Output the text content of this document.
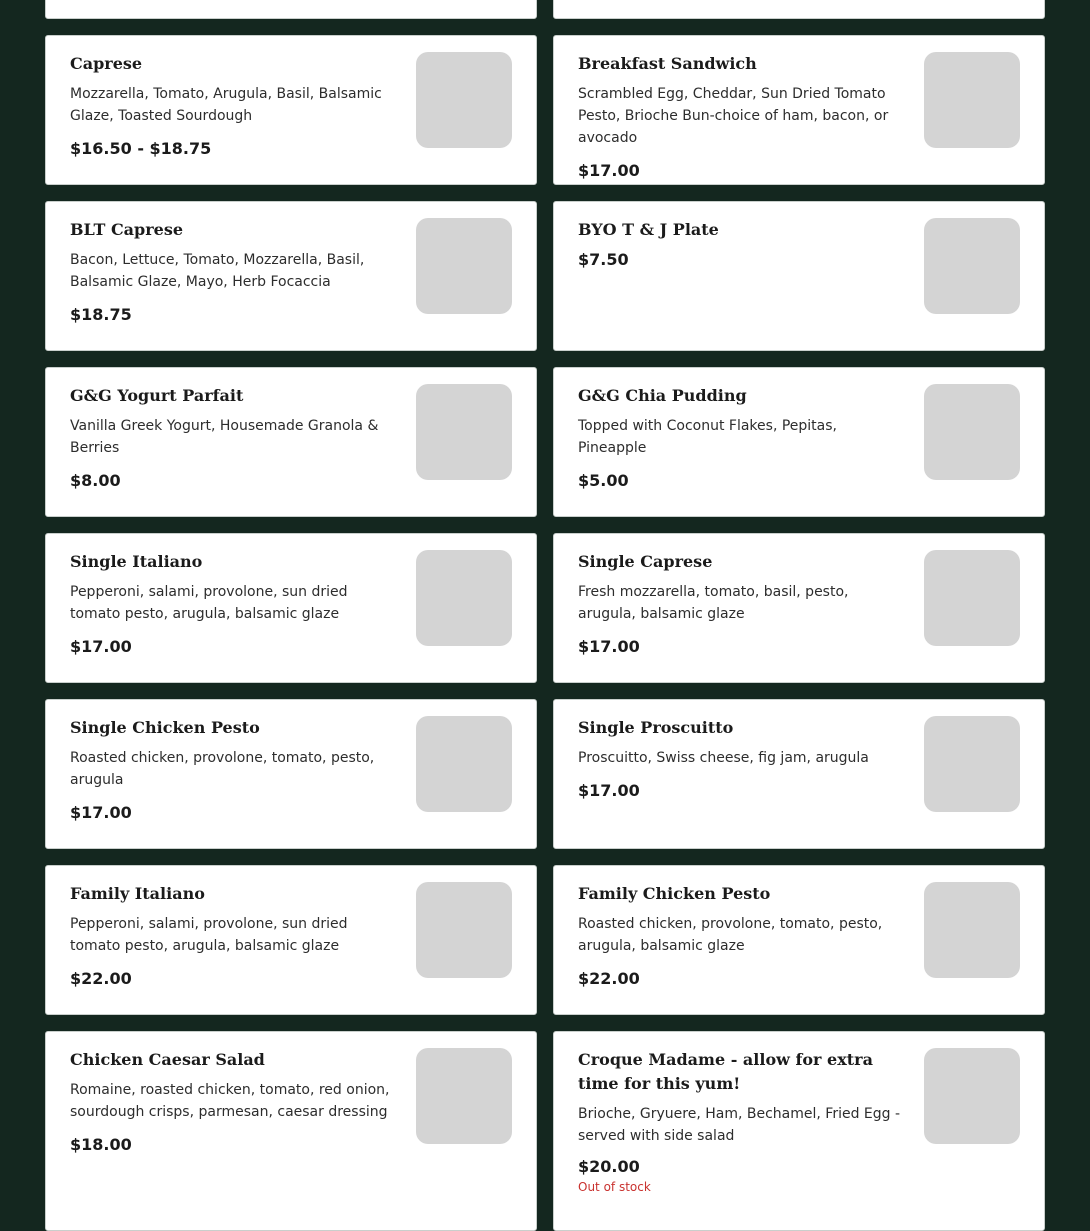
Caprese
Mozzarella, Tomato, Arugula, Basil, Balsamic Glaze, Toasted Sourdough
$16.50 - $18.75
Breakfast Sandwich
Scrambled Egg, Cheddar, Sun Dried Tomato Pesto, Brioche Bun-choice of ham, bacon, or avocado
$17.00
BLT Caprese
Bacon, Lettuce, Tomato, Mozzarella, Basil, Balsamic Glaze, Mayo, Herb Focaccia
$18.75
BYO T & J Plate
$7.50
G&G Yogurt Parfait
Vanilla Greek Yogurt, Housemade Granola & Berries
$8.00
G&G Chia Pudding
Topped with Coconut Flakes, Pepitas, Pineapple
$5.00
Single Italiano
Pepperoni, salami, provolone, sun dried tomato pesto, arugula, balsamic glaze
$17.00
Single Caprese
Fresh mozzarella, tomato, basil, pesto, arugula, balsamic glaze
$17.00
Single Chicken Pesto
Roasted chicken, provolone, tomato, pesto, arugula
$17.00
Single Proscuitto
Proscuitto, Swiss cheese, fig jam, arugula
$17.00
Family Italiano
Pepperoni, salami, provolone, sun dried tomato pesto, arugula, balsamic glaze
$22.00
Family Chicken Pesto
Roasted chicken, provolone, tomato, pesto, arugula, balsamic glaze
$22.00
Chicken Caesar Salad
Romaine, roasted chicken, tomato, red onion, sourdough crisps, parmesan, caesar dressing
$18.00
Croque Madame - allow for extra time for this yum!
Brioche, Gryuere, Ham, Bechamel, Fried Egg - served with side salad
$20.00
Out of stock
